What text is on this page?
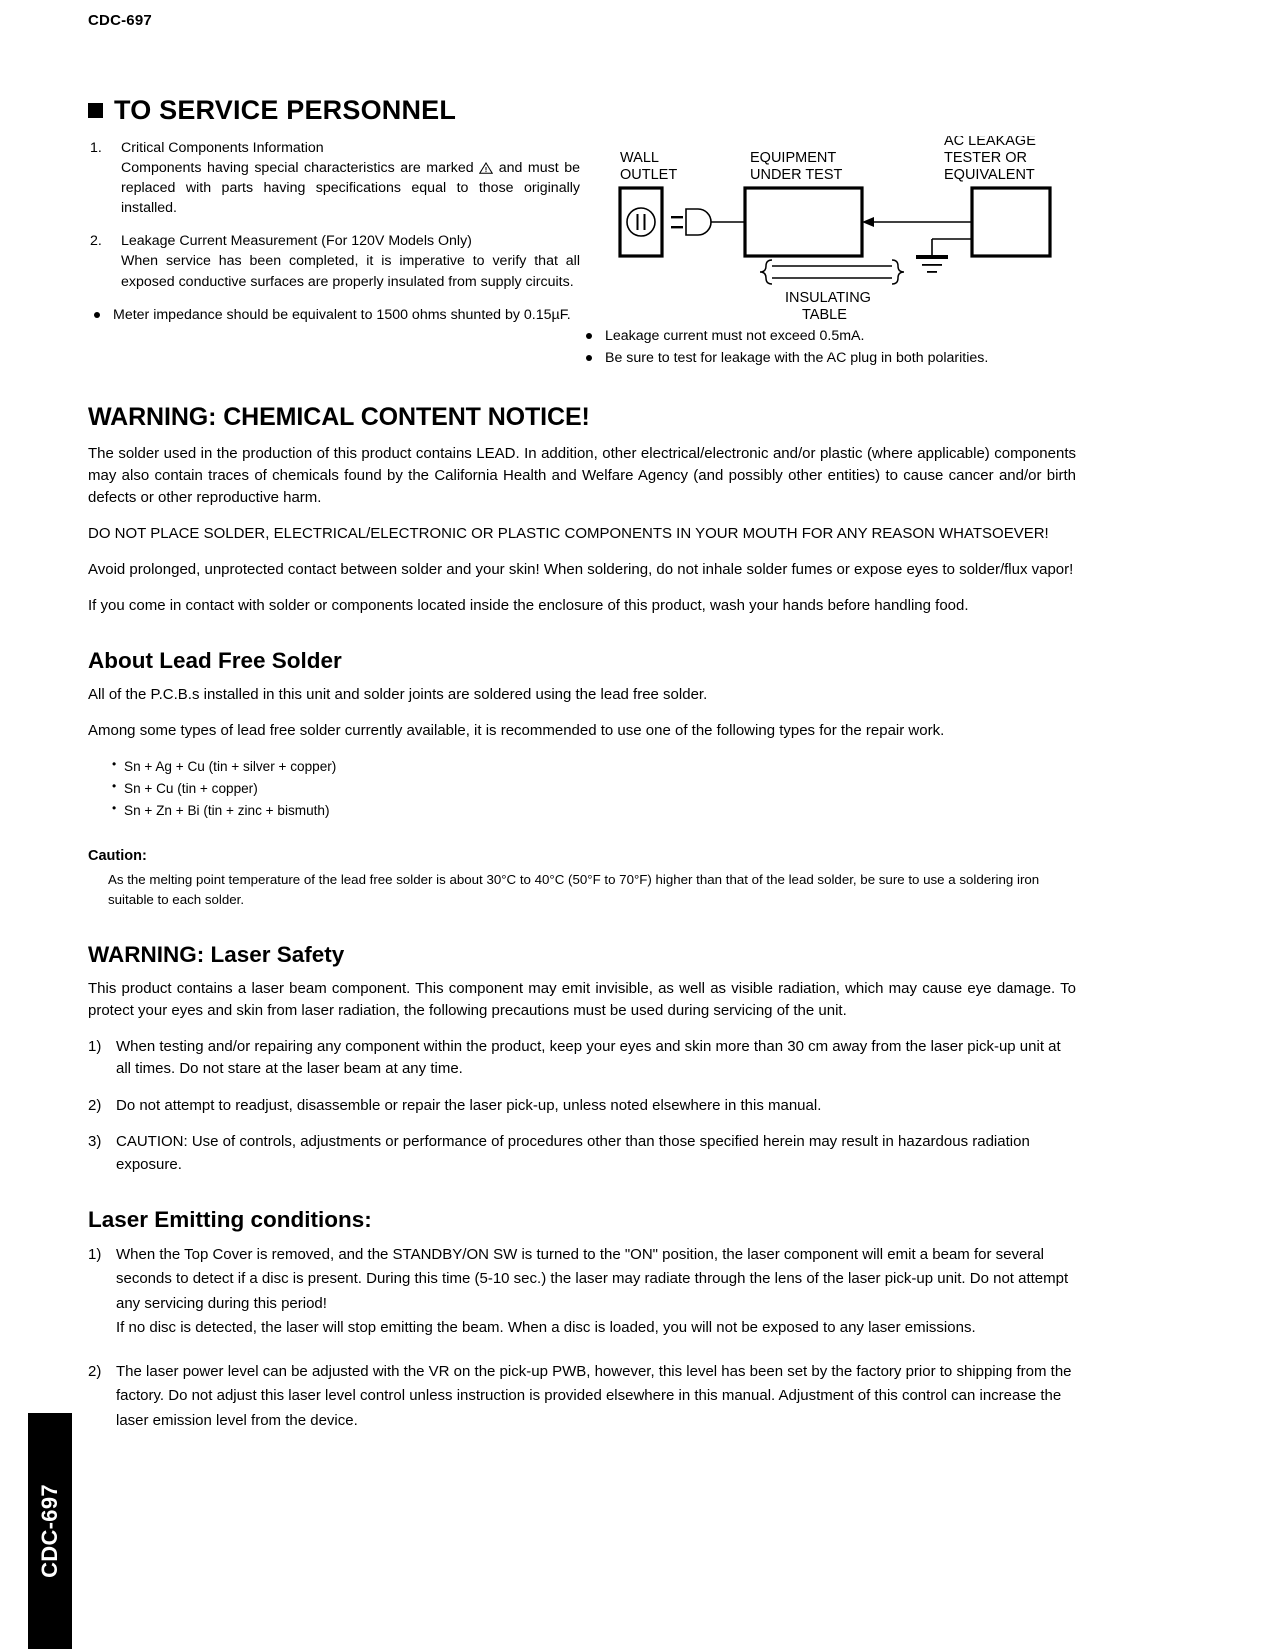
CDC-697
TO SERVICE PERSONNEL
1. Critical Components Information
Components having special characteristics are marked and must be replaced with parts having specifications equal to those originally installed.
2. Leakage Current Measurement (For 120V Models Only)
When service has been completed, it is imperative to verify that all exposed conductive surfaces are properly insulated from supply circuits.
Meter impedance should be equivalent to 1500 ohms shunted by 0.15µF.
WALL
OUTLET
EQUIPMENT
UNDER TEST
AC LEAKAGE
TESTER OR
EQUIVALENT
INSULATING
TABLE
Leakage current must not exceed 0.5mA.
Be sure to test for leakage with the AC plug in both polarities.
WARNING: CHEMICAL CONTENT NOTICE!

The solder used in the production of this product contains LEAD. In addition, other electrical/electronic and/or plastic (where applicable) components may also contain traces of chemicals found by the California Health and Welfare Agency (and possibly other entities) to cause cancer and/or birth defects or other reproductive harm.

DO NOT PLACE SOLDER, ELECTRICAL/ELECTRONIC OR PLASTIC COMPONENTS IN YOUR MOUTH FOR ANY REASON WHATSOEVER!

Avoid prolonged, unprotected contact between solder and your skin! When soldering, do not inhale solder fumes or expose eyes to solder/flux vapor!

If you come in contact with solder or components located inside the enclosure of this product, wash your hands before handling food.

About Lead Free Solder

All of the P.C.B.s installed in this unit and solder joints are soldered using the lead free solder.

Among some types of lead free solder currently available, it is recommended to use one of the following types for the repair work.

• Sn + Ag + Cu (tin + silver + copper)
• Sn + Cu (tin + copper)
• Sn + Zn + Bi (tin + zinc + bismuth)
Caution:

As the melting point temperature of the lead free solder is about 30°C to 40°C (50°F to 70°F) higher than that of the lead solder, be sure to use a soldering iron suitable to each solder.

WARNING: Laser Safety

This product contains a laser beam component. This component may emit invisible, as well as visible radiation, which may cause eye damage. To protect your eyes and skin from laser radiation, the following precautions must be used during servicing of the unit.

1) When testing and/or repairing any component within the product, keep your eyes and skin more than 30 cm away from the laser pick-up unit at all times. Do not stare at the laser beam at any time.
2) Do not attempt to readjust, disassemble or repair the laser pick-up, unless noted elsewhere in this manual.
3) CAUTION: Use of controls, adjustments or performance of procedures other than those specified herein may result in hazardous radiation exposure.
Laser Emitting conditions:
1) When the Top Cover is removed, and the STANDBY/ON SW is turned to the "ON" position, the laser component will emit a beam for several seconds to detect if a disc is present. During this time (5-10 sec.) the laser may radiate through the lens of the laser pick-up unit. Do not attempt any servicing during this period!
If no disc is detected, the laser will stop emitting the beam. When a disc is loaded, you will not be exposed to any laser emissions.
2) The laser power level can be adjusted with the VR on the pick-up PWB, however, this level has been set by the factory prior to shipping from the factory. Do not adjust this laser level control unless instruction is provided elsewhere in this manual. Adjustment of this control can increase the laser emission level from the device.
CDC-697
2
